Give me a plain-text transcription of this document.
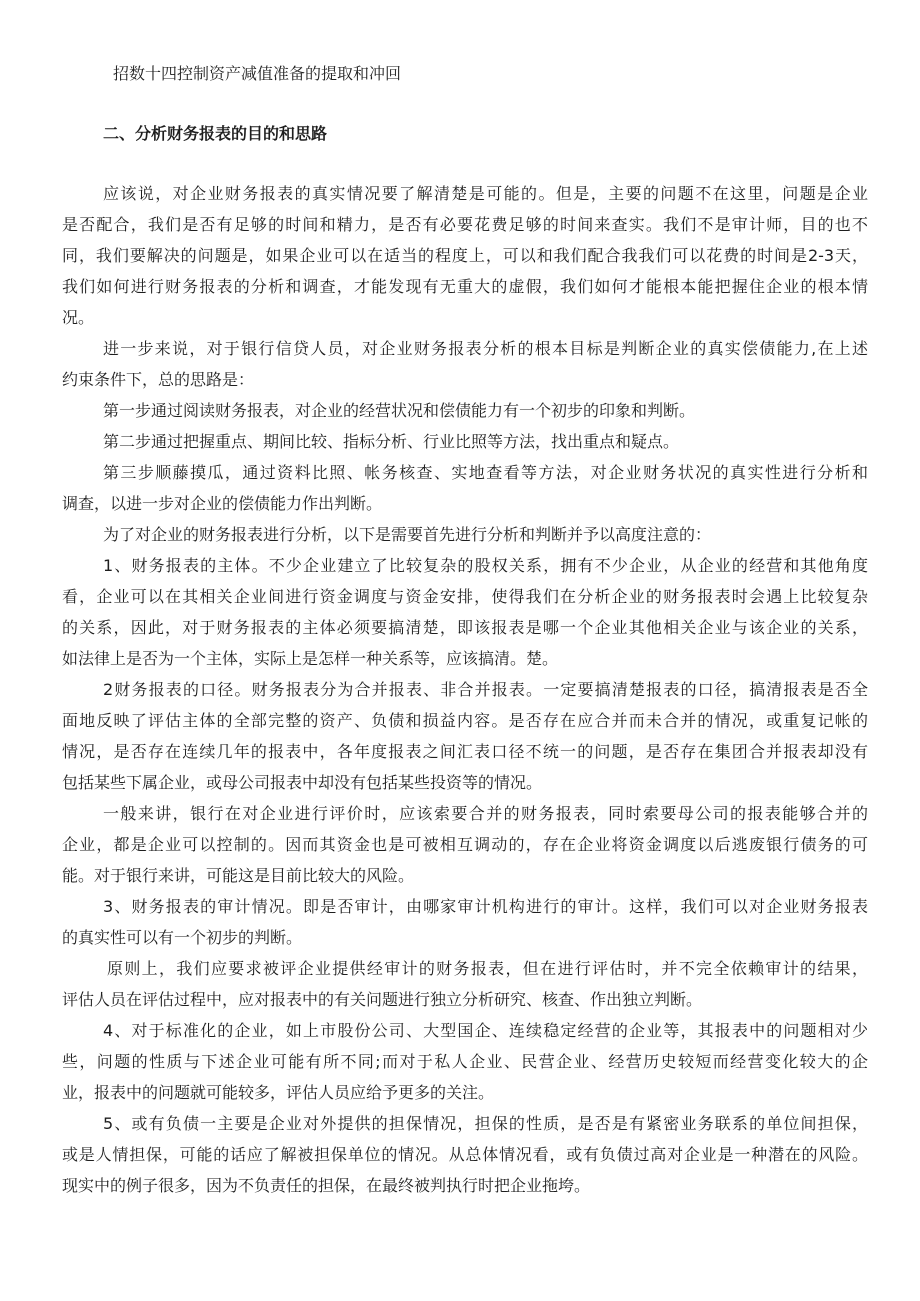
招数十四控制资产减值准备的提取和冲回
二、分析财务报表的目的和思路
应该说，对企业财务报表的真实情况要了解清楚是可能的。但是，主要的问题不在这里，问题是企业
是否配合，我们是否有足够的时间和精力，是否有必要花费足够的时间来查实。我们不是审计师，目的也不
同，我们要解决的问题是，如果企业可以在适当的程度上，可以和我们配合我我们可以花费的时间是2-3天，
我们如何进行财务报表的分析和调查，才能发现有无重大的虚假，我们如何才能根本能把握住企业的根本情
况。
进一步来说，对于银行信贷人员，对企业财务报表分析的根本目标是判断企业的真实偿债能力,在上述
约束条件下，总的思路是：
第一步通过阅读财务报表，对企业的经营状况和偿债能力有一个初步的印象和判断。
第二步通过把握重点、期间比较、指标分析、行业比照等方法，找出重点和疑点。
第三步顺藤摸瓜，通过资料比照、帐务核查、实地查看等方法，对企业财务状况的真实性进行分析和
调查，以进一步对企业的偿债能力作出判断。
为了对企业的财务报表进行分析，以下是需要首先进行分析和判断并予以高度注意的：
1、财务报表的主体。不少企业建立了比较复杂的股权关系，拥有不少企业，从企业的经营和其他角度
看，企业可以在其相关企业间进行资金调度与资金安排，使得我们在分析企业的财务报表时会遇上比较复杂
的关系，因此，对于财务报表的主体必须要搞清楚，即该报表是哪一个企业其他相关企业与该企业的关系，
如法律上是否为一个主体，实际上是怎样一种关系等，应该搞清。楚。
2财务报表的口径。财务报表分为合并报表、非合并报表。一定要搞清楚报表的口径，搞清报表是否全
面地反映了评估主体的全部完整的资产、负债和损益内容。是否存在应合并而未合并的情况，或重复记帐的
情况，是否存在连续几年的报表中，各年度报表之间汇表口径不统一的问题，是否存在集团合并报表却没有
包括某些下属企业，或母公司报表中却没有包括某些投资等的情况。
一般来讲，银行在对企业进行评价时，应该索要合并的财务报表，同时索要母公司的报表能够合并的
企业，都是企业可以控制的。因而其资金也是可被相互调动的，存在企业将资金调度以后逃废银行债务的可
能。对于银行来讲，可能这是目前比较大的风险。
3、财务报表的审计情况。即是否审计，由哪家审计机构进行的审计。这样，我们可以对企业财务报表
的真实性可以有一个初步的判断。
原则上，我们应要求被评企业提供经审计的财务报表，但在进行评估时，并不完全依赖审计的结果，
评估人员在评估过程中，应对报表中的有关问题进行独立分析研究、核查、作出独立判断。
4、对于标准化的企业，如上市股份公司、大型国企、连续稳定经营的企业等，其报表中的问题相对少
些，问题的性质与下述企业可能有所不同;而对于私人企业、民营企业、经营历史较短而经营变化较大的企
业，报表中的问题就可能较多，评估人员应给予更多的关注。
5、或有负债一主要是企业对外提供的担保情况，担保的性质，是否是有紧密业务联系的单位间担保，
或是人情担保，可能的话应了解被担保单位的情况。从总体情况看，或有负债过高对企业是一种潜在的风险。
现实中的例子很多，因为不负责任的担保，在最终被判执行时把企业拖垮。
